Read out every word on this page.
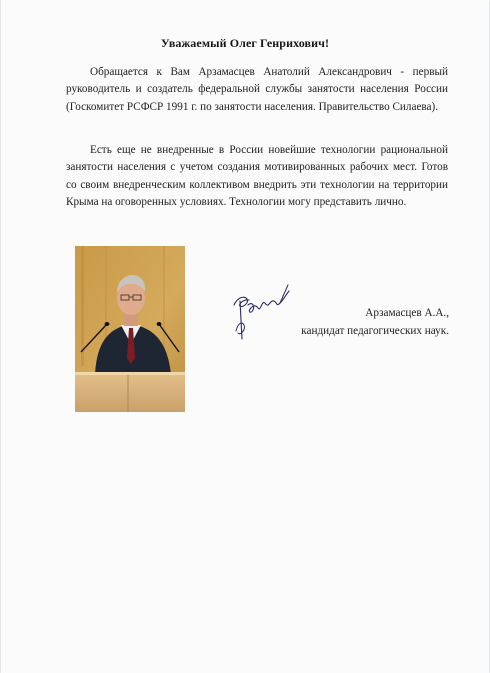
Уважаемый Олег Генрихович!

Обращается к Вам Арзамасцев Анатолий Александрович - первый руководитель и создатель федеральной службы занятости населения России (Госкомитет РСФСР 1991 г. по занятости населения. Правительство Силаева).

Есть еще не внедренные в России новейшие технологии рациональной занятости населения с учетом создания мотивированных рабочих мест. Готов со своим внедренческим коллективом внедрить эти технологии на территории Крыма на оговоренных условиях. Технологии могу представить лично.

Арзамасцев А.А.,

кандидат педагогических наук.
